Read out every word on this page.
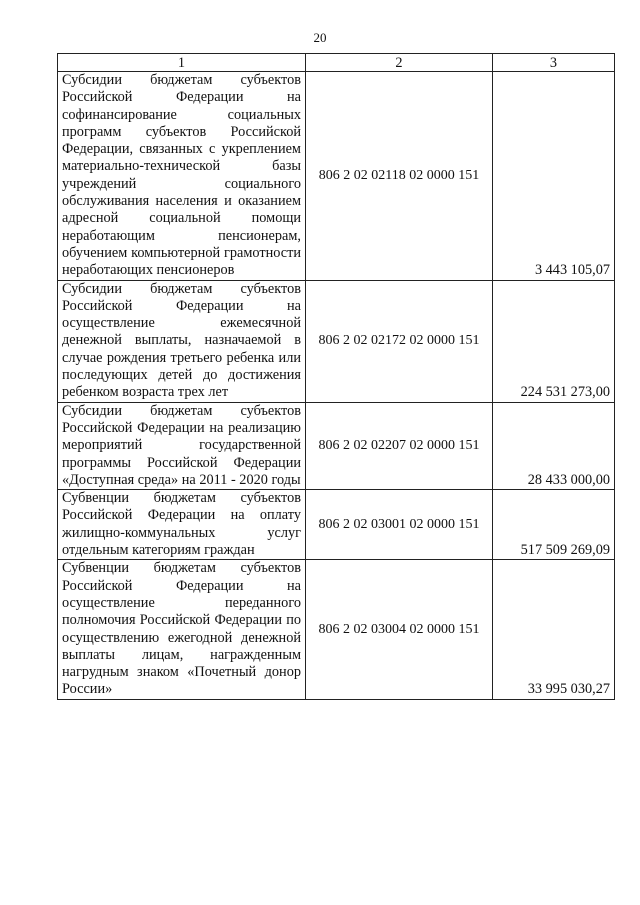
20
1	2	3
Субсидии бюджетам субъектов Российской Федерации на софинансирование социальных программ субъектов Российской Федерации, связанных с укреплением материально-технической базы учреждений социального обслуживания населения и оказанием адресной социальной помощи неработающим пенсионерам, обучением компьютерной грамотности неработающих пенсионеров	806 2 02 02118 02 0000 151	3 443 105,07
Субсидии бюджетам субъектов Российской Федерации на осуществление ежемесячной денежной выплаты, назначаемой в случае рождения третьего ребенка или последующих детей до достижения ребенком возраста трех лет	806 2 02 02172 02 0000 151	224 531 273,00
Субсидии бюджетам субъектов Российской Федерации на реализацию мероприятий государственной программы Российской Федерации «Доступная среда» на 2011 - 2020 годы	806 2 02 02207 02 0000 151	28 433 000,00
Субвенции бюджетам субъектов Российской Федерации на оплату жилищно-коммунальных услуг отдельным категориям граждан	806 2 02 03001 02 0000 151	517 509 269,09
Субвенции бюджетам субъектов Российской Федерации на осуществление переданного полномочия Российской Федерации по осуществлению ежегодной денежной выплаты лицам, награжденным нагрудным знаком «Почетный донор России»	806 2 02 03004 02 0000 151	33 995 030,27
